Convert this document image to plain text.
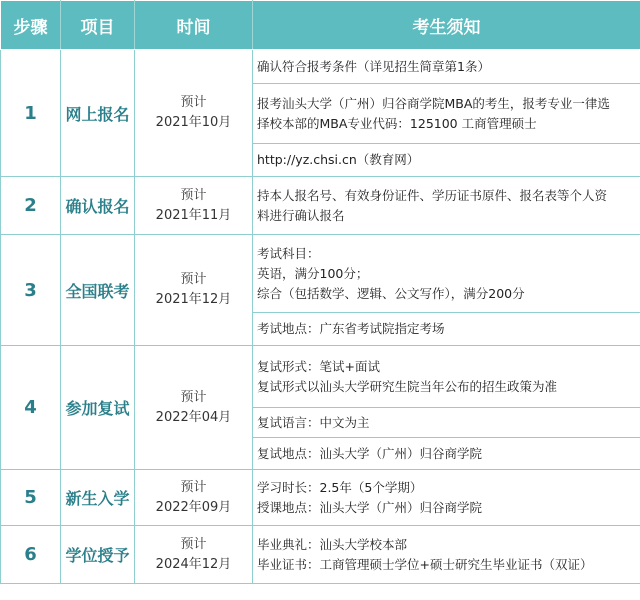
步骤	项目	时间	考生须知
1	网上报名	预计
2021年10月	确认符合报考条件（详见招生简章第1条）

			报考汕头大学（广州）归谷商学院MBA的考生，报考专业一律选
择校本部的MBA专业代码：125100 工商管理硕士

			http://yz.chsi.cn（教育网）

2	确认报名	预计
2021年11月	持本人报名号、有效身份证件、学历证书原件、报名表等个人资
料进行确认报名

3	全国联考	预计
2021年12月	考试科目：
英语，满分100分；
综合（包括数学、逻辑、公文写作），满分200分

			考试地点：广东省考试院指定考场

4	参加复试	预计
2022年04月	复试形式：笔试+面试
复试形式以汕头大学研究生院当年公布的招生政策为准

			复试语言：中文为主

			复试地点：汕头大学（广州）归谷商学院

5	新生入学	预计
2022年09月	学习时长：2.5年（5个学期）
授课地点：汕头大学（广州）归谷商学院

6	学位授予	预计
2024年12月	毕业典礼：汕头大学校本部
毕业证书：工商管理硕士学位+硕士研究生毕业证书（双证）
